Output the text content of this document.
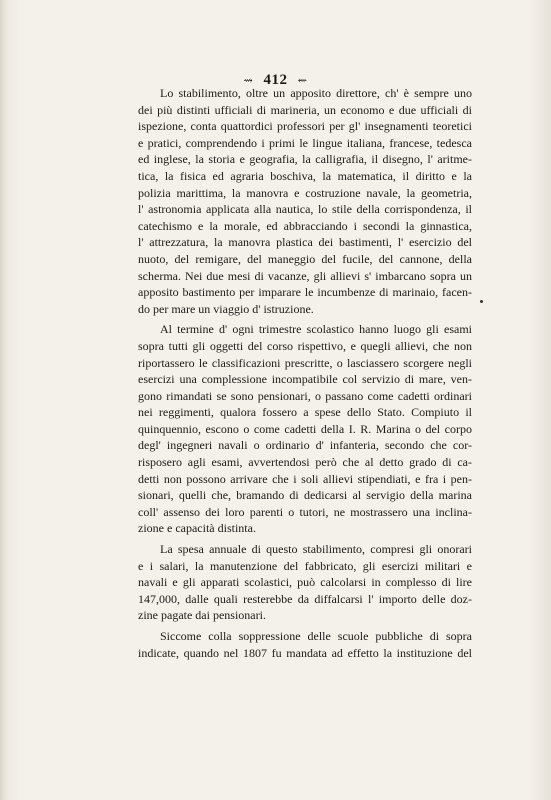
⇝ 412 ⇜
Lo stabilimento, oltre un apposito direttore, ch' è sempre uno
dei più distinti ufficiali di marineria, un economo e due ufficiali di
ispezione, conta quattordici professori per gl' insegnamenti teoretici
e pratici, comprendendo i primi le lingue italiana, francese, tedesca
ed inglese, la storia e geografia, la calligrafia, il disegno, l' aritme-
tica, la fisica ed agraria boschiva, la matematica, il diritto e la
polizia marittima, la manovra e costruzione navale, la geometria,
l' astronomia applicata alla nautica, lo stile della corrispondenza, il
catechismo e la morale, ed abbracciando i secondi la ginnastica,
l' attrezzatura, la manovra plastica dei bastimenti, l' esercizio del
nuoto, del remigare, del maneggio del fucile, del cannone, della
scherma. Nei due mesi di vacanze, gli allievi s' imbarcano sopra un
apposito bastimento per imparare le incumbenze di marinaio, facen-
do per mare un viaggio d' istruzione.
Al termine d' ogni trimestre scolastico hanno luogo gli esami
sopra tutti gli oggetti del corso rispettivo, e quegli allievi, che non
riportassero le classificazioni prescritte, o lasciassero scorgere negli
esercizi una complessione incompatibile col servizio di mare, ven-
gono rimandati se sono pensionari, o passano come cadetti ordinari
nei reggimenti, qualora fossero a spese dello Stato. Compiuto il
quinquennio, escono o come cadetti della I. R. Marina o del corpo
degl' ingegneri navali o ordinario d' infanteria, secondo che cor-
risposero agli esami, avvertendosi però che al detto grado di ca-
detti non possono arrivare che i soli allievi stipendiati, e fra i pen-
sionari, quelli che, bramando di dedicarsi al servigio della marina
coll' assenso dei loro parenti o tutori, ne mostrassero una inclina-
zione e capacità distinta.
La spesa annuale di questo stabilimento, compresi gli onorari
e i salari, la manutenzione del fabbricato, gli esercizi militari e
navali e gli apparati scolastici, può calcolarsi in complesso di lire
147,000, dalle quali resterebbe da diffalcarsi l' importo delle doz-
zine pagate dai pensionari.
Siccome colla soppressione delle scuole pubbliche di sopra
indicate, quando nel 1807 fu mandata ad effetto la instituzione del
